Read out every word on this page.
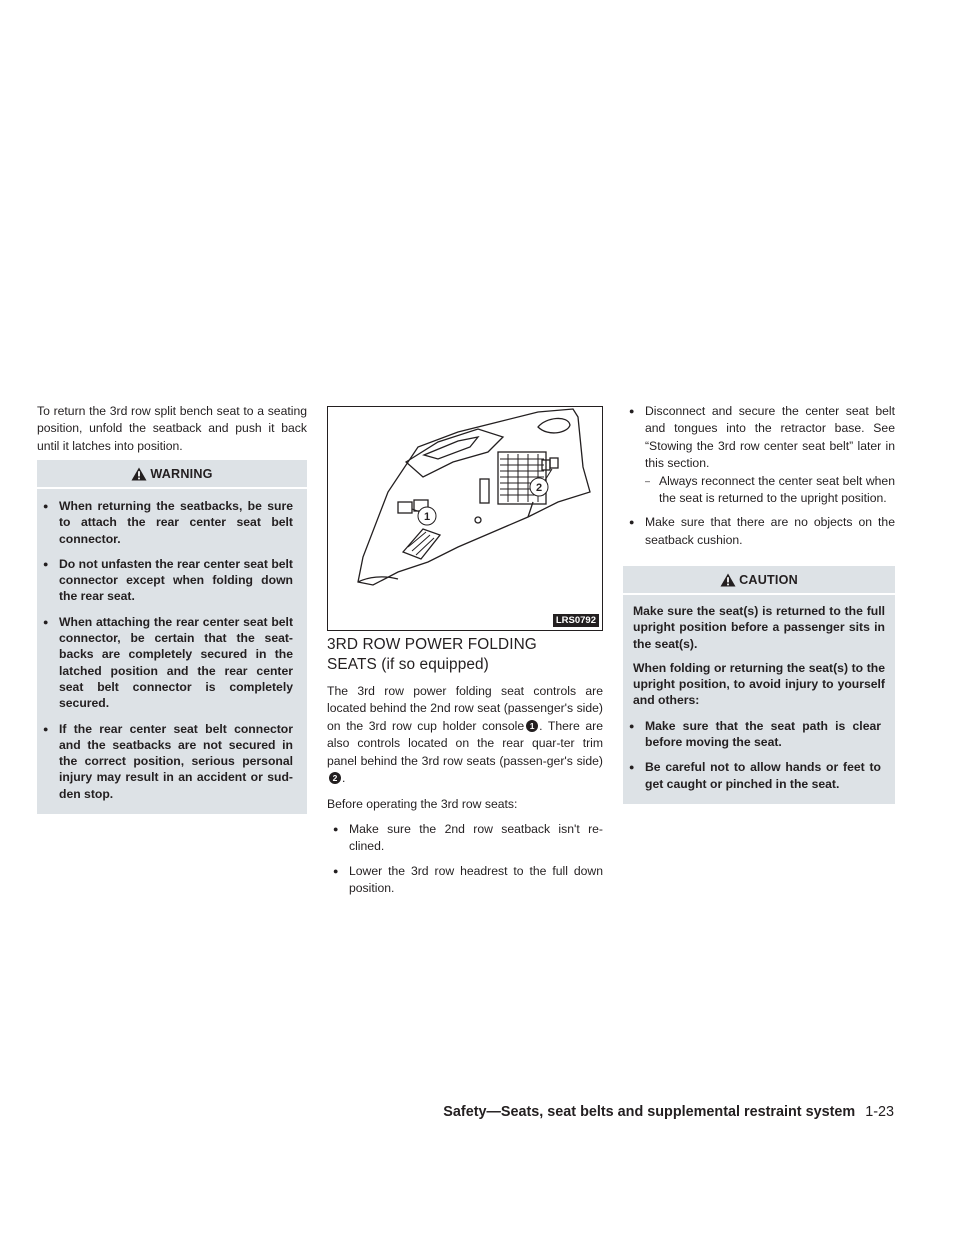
To return the 3rd row split bench seat to a seating position, unfold the seatback and push it back until it latches into position.

WARNING
● When returning the seatbacks, be sure to attach the rear center seat belt connector.
● Do not unfasten the rear center seat belt connector except when folding down the rear seat.
● When attaching the rear center seat belt connector, be certain that the seat-backs are completely secured in the latched position and the rear center seat belt connector is completely secured.
● If the rear center seat belt connector and the seatbacks are not secured in the correct position, serious personal injury may result in an accident or sud-den stop.
1
2
LRS0792
3RD ROW POWER FOLDING
SEATS (if so equipped)

The 3rd row power folding seat controls are located behind the 2nd row seat (passenger's side) on the 3rd row cup holder console 1 . There are also controls located on the rear quar-ter trim panel behind the 3rd row seats (passen-ger's side)2 .

Before operating the 3rd row seats:

● Make sure the 2nd row seatback isn't re-clined.
● Lower the 3rd row headrest to the full down position.
● Disconnect and secure the center seat belt and tongues into the retractor base. See “Stowing the 3rd row center seat belt” later in this section.
– Always reconnect the center seat belt when the seat is returned to the upright position.
● Make sure that there are no objects on the seatback cushion.
CAUTION

Make sure the seat(s) is returned to the full upright position before a passenger sits in the seat(s).

When folding or returning the seat(s) to the upright position, to avoid injury to yourself and others:

● Make sure that the seat path is clear before moving the seat.
● Be careful not to allow hands or feet to get caught or pinched in the seat.
Safety—Seats, seat belts and supplemental restraint system 1-23
